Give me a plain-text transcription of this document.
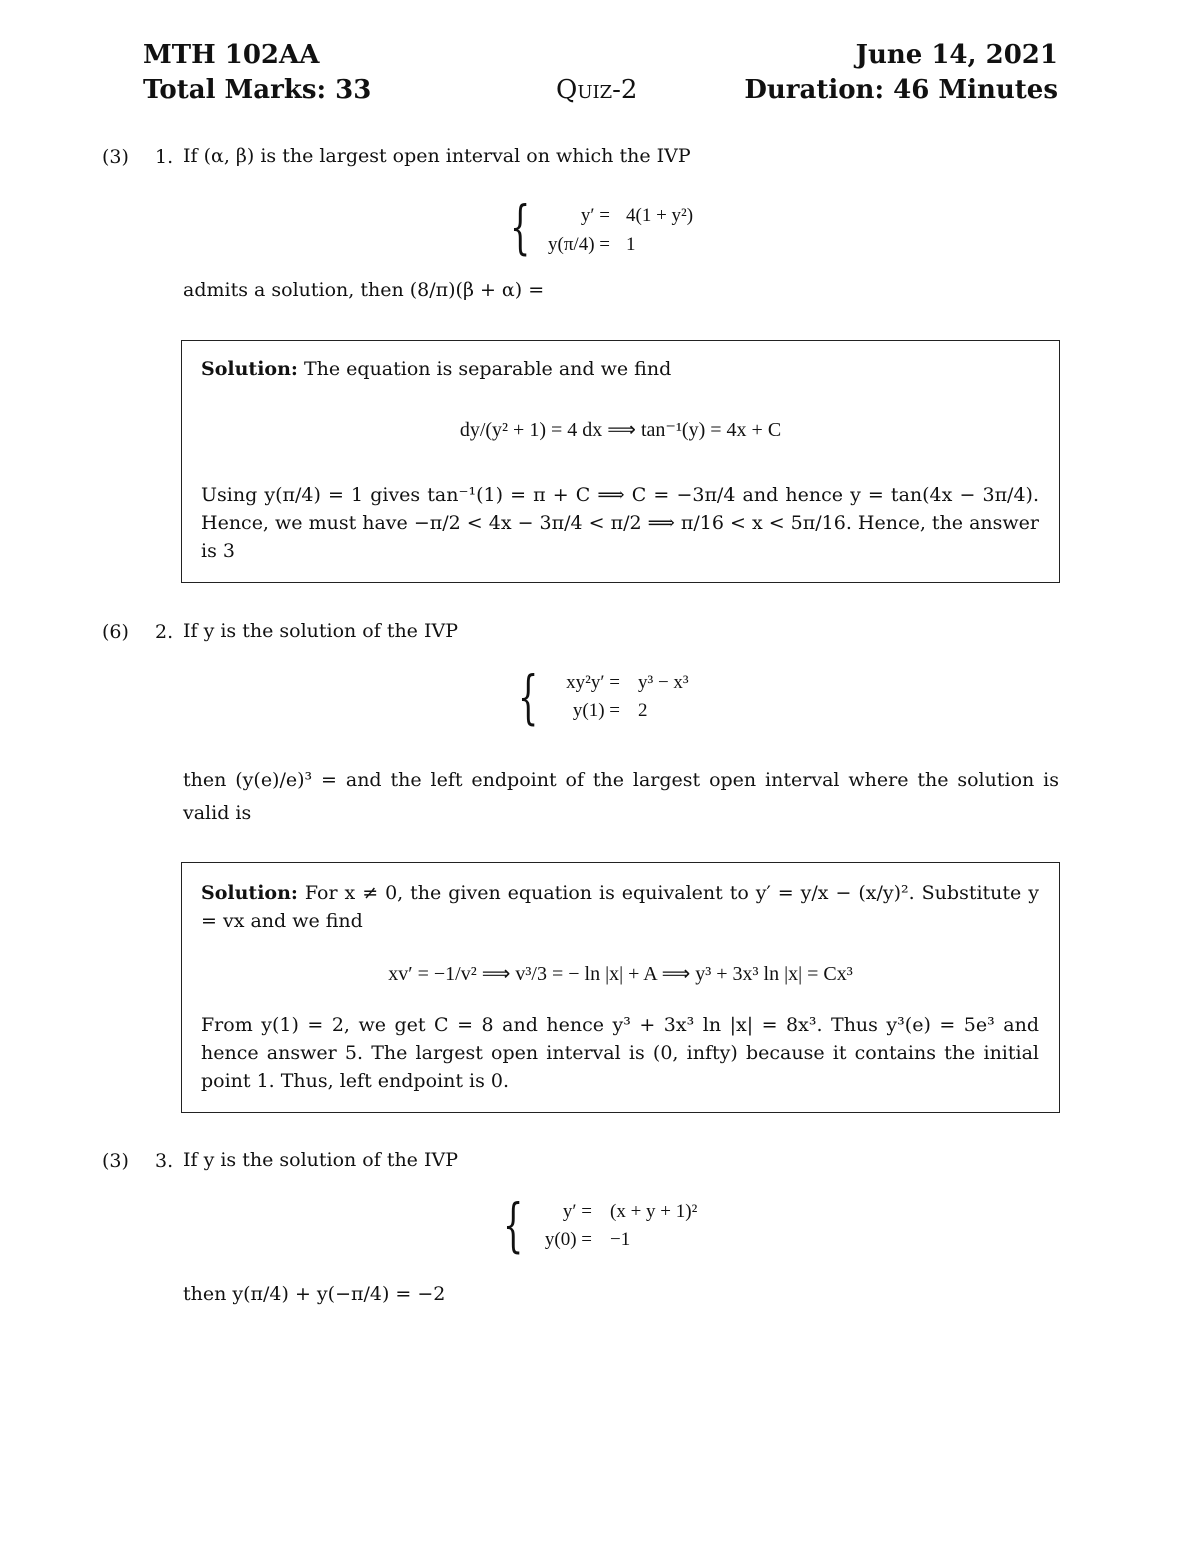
MTH 102AA	June 14, 2021
Total Marks: 33	Quiz-2	Duration: 46 Minutes
(3) 1. If (α, β) is the largest open interval on which the IVP
{	y′ = 4(1 + y²)
y(π/4) = 1
admits a solution, then (8/π)(β + α) =
Solution: The equation is separable and we find
dy/(y² + 1) = 4 dx ⟹ tan⁻¹(y) = 4x + C
Using y(π/4) = 1 gives tan⁻¹(1) = π + C ⟹ C = −3π/4 and hence y = tan(4x − 3π/4). Hence, we must have −π/2 < 4x − 3π/4 < π/2 ⟹ π/16 < x < 5π/16. Hence, the answer is 3
(6) 2. If y is the solution of the IVP
{	xy²y′ = y³ − x³
y(1) = 2
then (y(e)/e)³ = and the left endpoint of the largest open interval where the solution is valid is
Solution: For x ≠ 0, the given equation is equivalent to y′ = y/x − (x/y)². Substitute y = vx and we find
xv′ = −1/v² ⟹ v³/3 = − ln |x| + A ⟹ y³ + 3x³ ln |x| = Cx³
From y(1) = 2, we get C = 8 and hence y³ + 3x³ ln |x| = 8x³. Thus y³(e) = 5e³ and hence answer 5. The largest open interval is (0, infty) because it contains the initial point 1. Thus, left endpoint is 0.
(3) 3. If y is the solution of the IVP
{	y′ = (x + y + 1)²
y(0) = −1
then y(π/4) + y(−π/4) = −2
